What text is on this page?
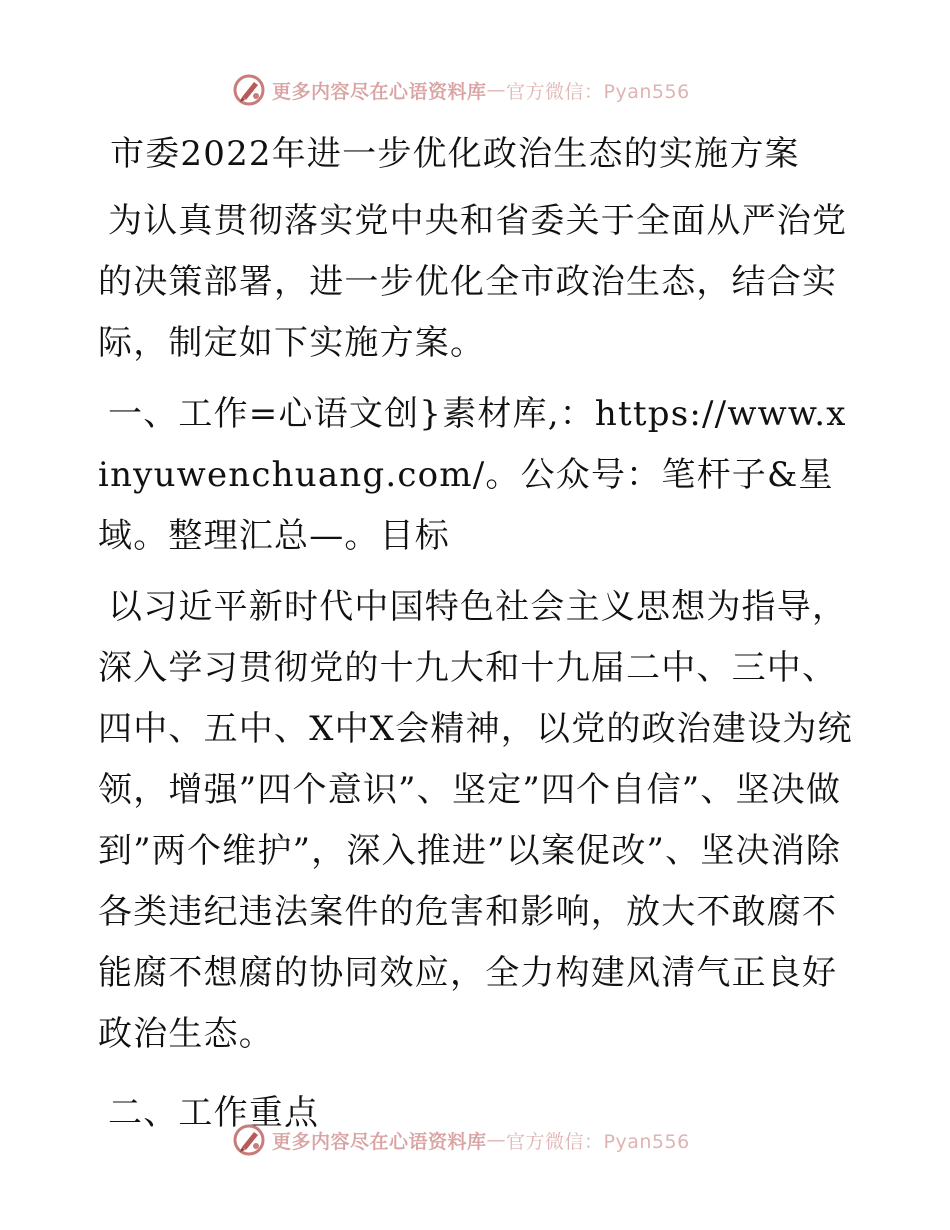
更多内容尽在心语资料库 — 官方微信：Pyan556

市委2022年进一步优化政治生态的实施方案

为认真贯彻落实党中央和省委关于全面从严治党的决策部署，进一步优化全市政治生态，结合实际，制定如下实施方案。

一、工作=心语文创}素材库,：https://www.xinyuwenchuang.com/。公众号：笔杆子&星域。整理汇总—。目标

以习近平新时代中国特色社会主义思想为指导，深入学习贯彻党的十九大和十九届二中、三中、四中、五中、X中X会精神，以党的政治建设为统领，增强”四个意识”、坚定”四个自信”、坚决做到”两个维护”，深入推进”以案促改”、坚决消除各类违纪违法案件的危害和影响，放大不敢腐不能腐不想腐的协同效应，全力构建风清气正良好政治生态。

二、工作重点

更多内容尽在心语资料库 — 官方微信：Pyan556
